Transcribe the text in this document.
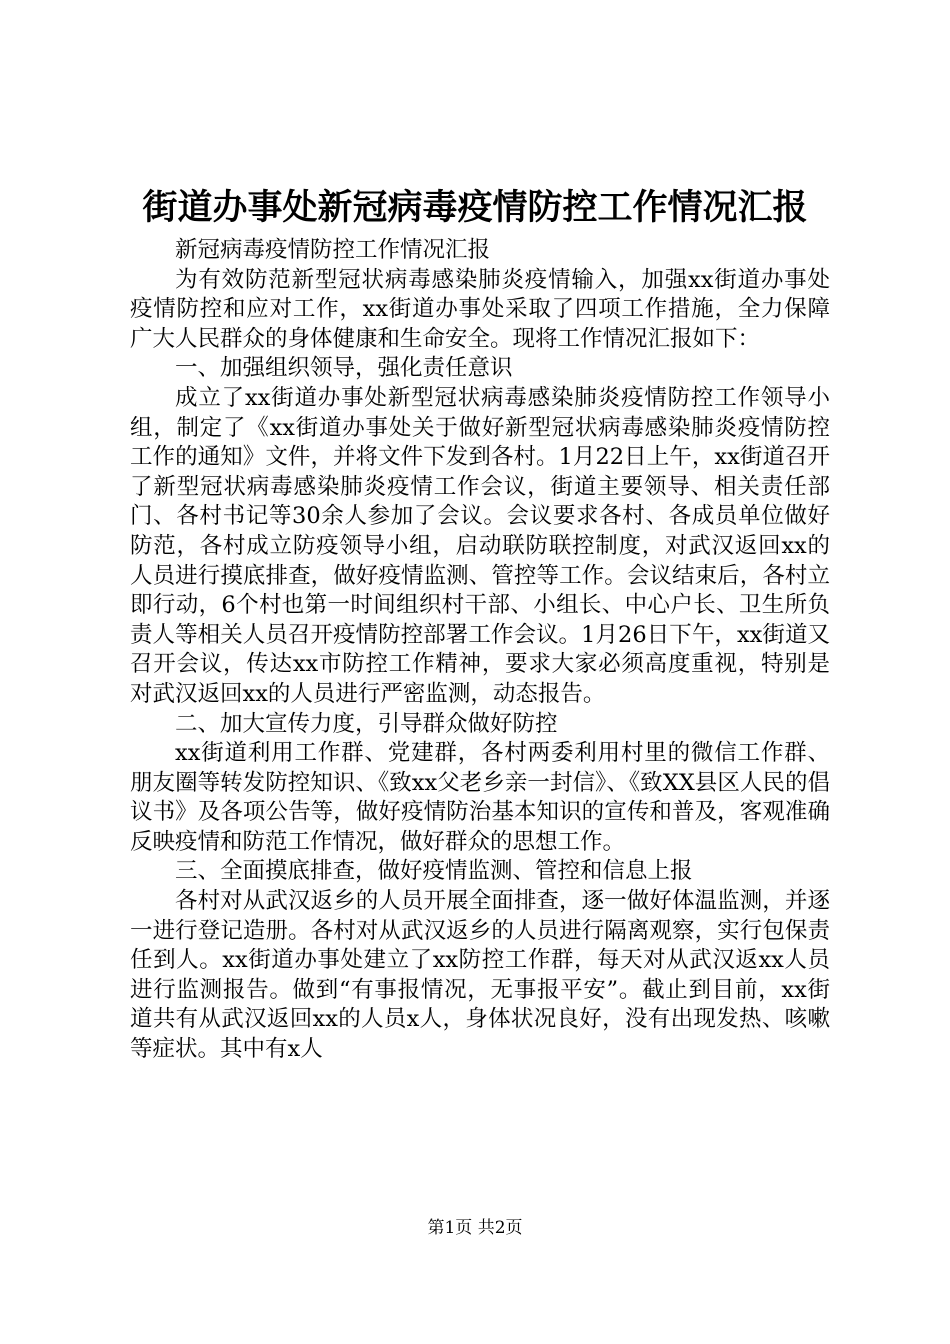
街道办事处新冠病毒疫情防控工作情况汇报

新冠病毒疫情防控工作情况汇报

为有效防范新型冠状病毒感染肺炎疫情输入，加强xx街道办事处疫情防控和应对工作，xx街道办事处采取了四项工作措施，全力保障广大人民群众的身体健康和生命安全。现将工作情况汇报如下：

一、加强组织领导，强化责任意识

成立了xx街道办事处新型冠状病毒感染肺炎疫情防控工作领导小组，制定了《xx街道办事处关于做好新型冠状病毒感染肺炎疫情防控工作的通知》文件，并将文件下发到各村。1月22日上午，xx街道召开了新型冠状病毒感染肺炎疫情工作会议，街道主要领导、相关责任部门、各村书记等30余人参加了会议。会议要求各村、各成员单位做好防范，各村成立防疫领导小组，启动联防联控制度，对武汉返回xx的人员进行摸底排查，做好疫情监测、管控等工作。会议结束后，各村立即行动，6个村也第一时间组织村干部、小组长、中心户长、卫生所负责人等相关人员召开疫情防控部署工作会议。1月26日下午，xx街道又召开会议，传达xx市防控工作精神，要求大家必须高度重视，特别是对武汉返回xx的人员进行严密监测，动态报告。

二、加大宣传力度，引导群众做好防控

xx街道利用工作群、党建群，各村两委利用村里的微信工作群、朋友圈等转发防控知识、《致xx父老乡亲一封信》、《致XX县区人民的倡议书》及各项公告等，做好疫情防治基本知识的宣传和普及，客观准确反映疫情和防范工作情况，做好群众的思想工作。

三、全面摸底排查，做好疫情监测、管控和信息上报

各村对从武汉返乡的人员开展全面排查，逐一做好体温监测，并逐一进行登记造册。各村对从武汉返乡的人员进行隔离观察，实行包保责任到人。xx街道办事处建立了xx防控工作群，每天对从武汉返xx人员进行监测报告。做到“有事报情况，无事报平安”。截止到目前，xx街道共有从武汉返回xx的人员x人，身体状况良好，没有出现发热、咳嗽等症状。其中有x人

第1页 共2页
